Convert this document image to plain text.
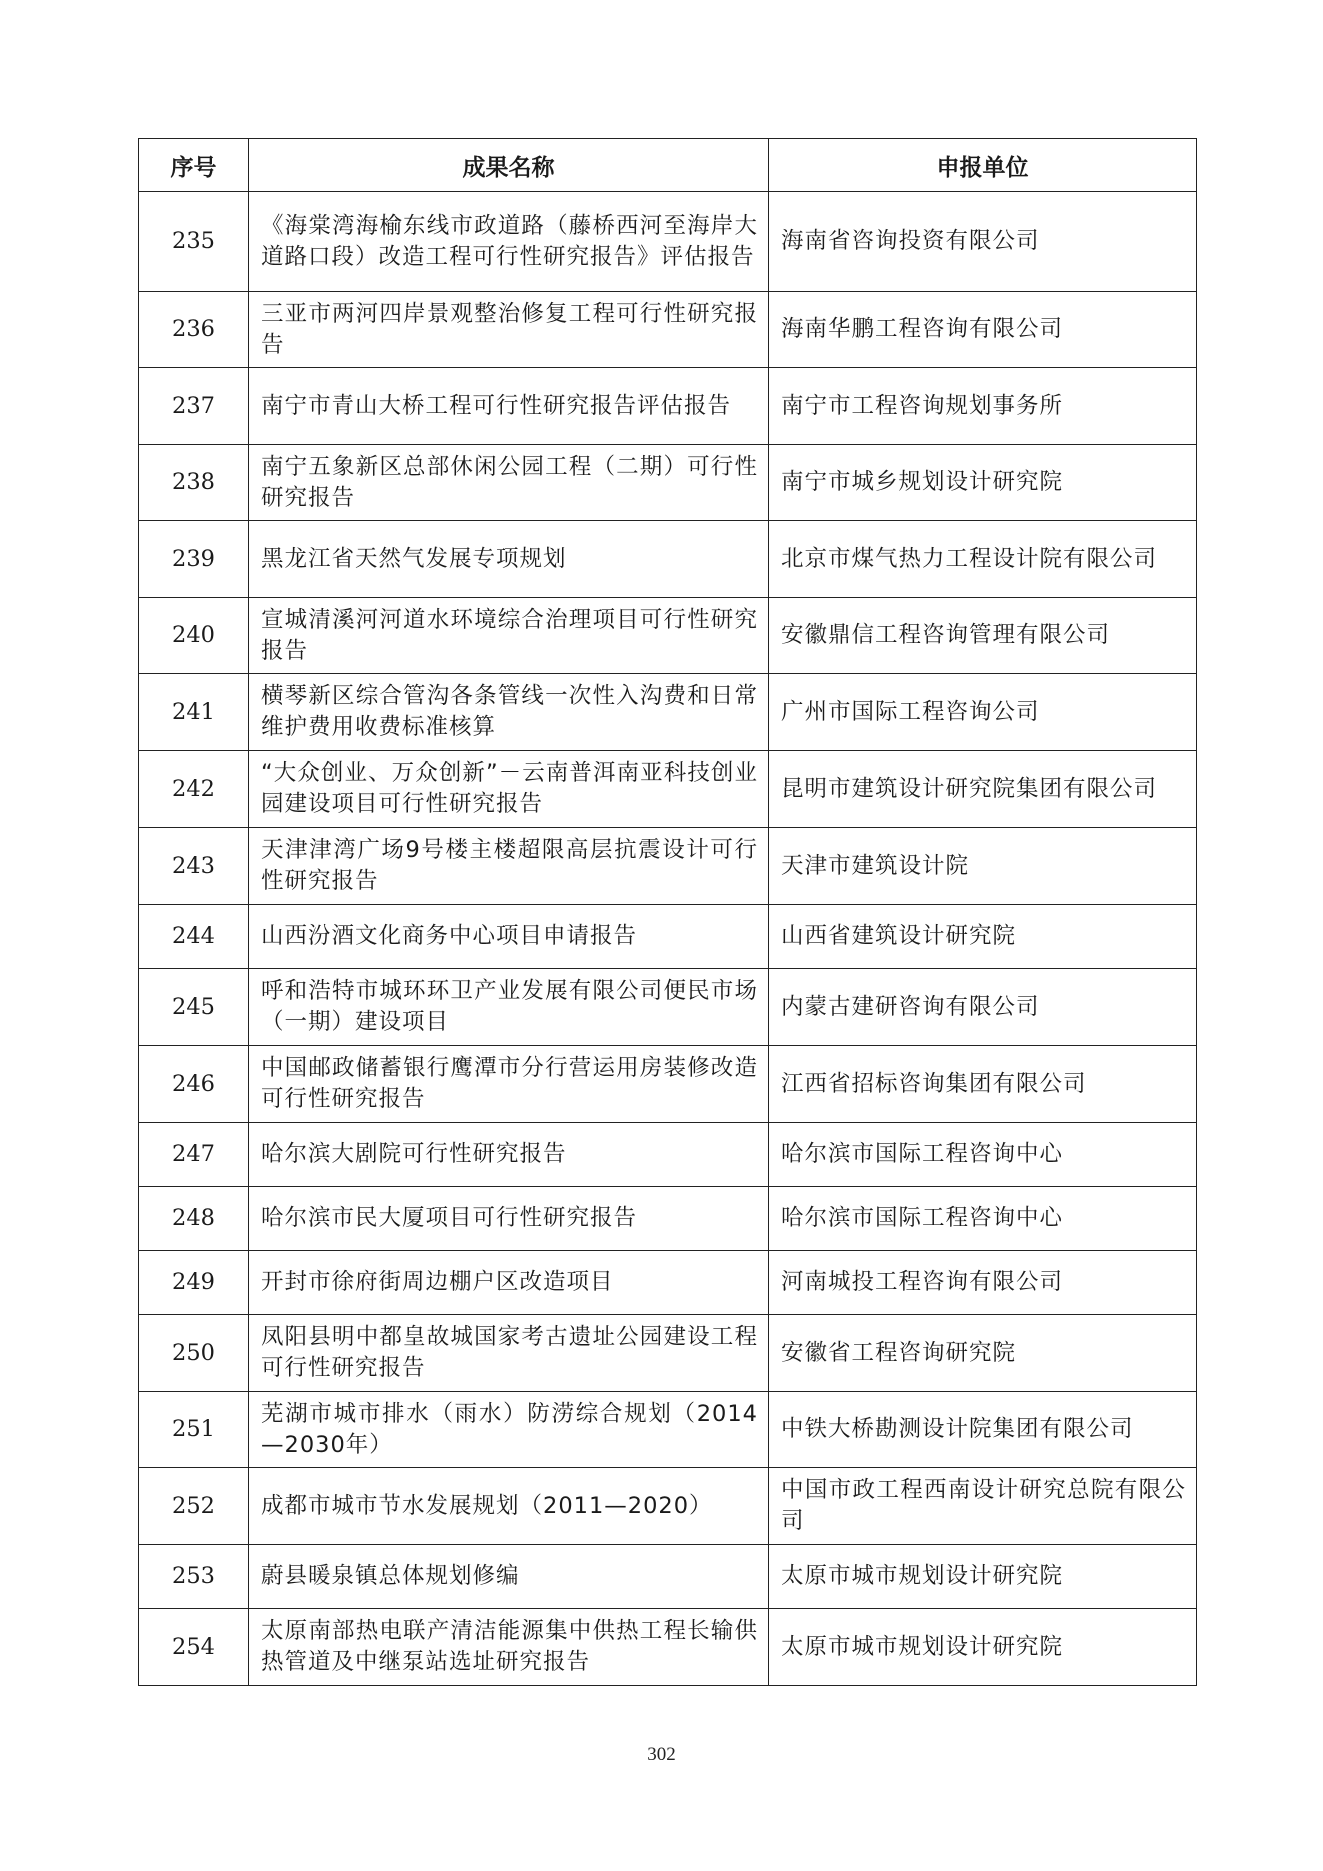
序号	成果名称	申报单位
235	《海棠湾海榆东线市政道路（藤桥西河至海岸大道路口段）改造工程可行性研究报告》评估报告	海南省咨询投资有限公司
236	三亚市两河四岸景观整治修复工程可行性研究报告	海南华鹏工程咨询有限公司
237	南宁市青山大桥工程可行性研究报告评估报告	南宁市工程咨询规划事务所
238	南宁五象新区总部休闲公园工程（二期）可行性研究报告	南宁市城乡规划设计研究院
239	黑龙江省天然气发展专项规划	北京市煤气热力工程设计院有限公司
240	宣城清溪河河道水环境综合治理项目可行性研究报告	安徽鼎信工程咨询管理有限公司
241	横琴新区综合管沟各条管线一次性入沟费和日常维护费用收费标准核算	广州市国际工程咨询公司
242	“大众创业、万众创新”－云南普洱南亚科技创业园建设项目可行性研究报告	昆明市建筑设计研究院集团有限公司
243	天津津湾广场9号楼主楼超限高层抗震设计可行性研究报告	天津市建筑设计院
244	山西汾酒文化商务中心项目申请报告	山西省建筑设计研究院
245	呼和浩特市城环环卫产业发展有限公司便民市场（一期）建设项目	内蒙古建研咨询有限公司
246	中国邮政储蓄银行鹰潭市分行营运用房装修改造可行性研究报告	江西省招标咨询集团有限公司
247	哈尔滨大剧院可行性研究报告	哈尔滨市国际工程咨询中心
248	哈尔滨市民大厦项目可行性研究报告	哈尔滨市国际工程咨询中心
249	开封市徐府街周边棚户区改造项目	河南城投工程咨询有限公司
250	凤阳县明中都皇故城国家考古遗址公园建设工程可行性研究报告	安徽省工程咨询研究院
251	芜湖市城市排水（雨水）防涝综合规划（2014—2030年）	中铁大桥勘测设计院集团有限公司
252	成都市城市节水发展规划（2011—2020）	中国市政工程西南设计研究总院有限公司
253	蔚县暖泉镇总体规划修编	太原市城市规划设计研究院
254	太原南部热电联产清洁能源集中供热工程长输供热管道及中继泵站选址研究报告	太原市城市规划设计研究院
302
